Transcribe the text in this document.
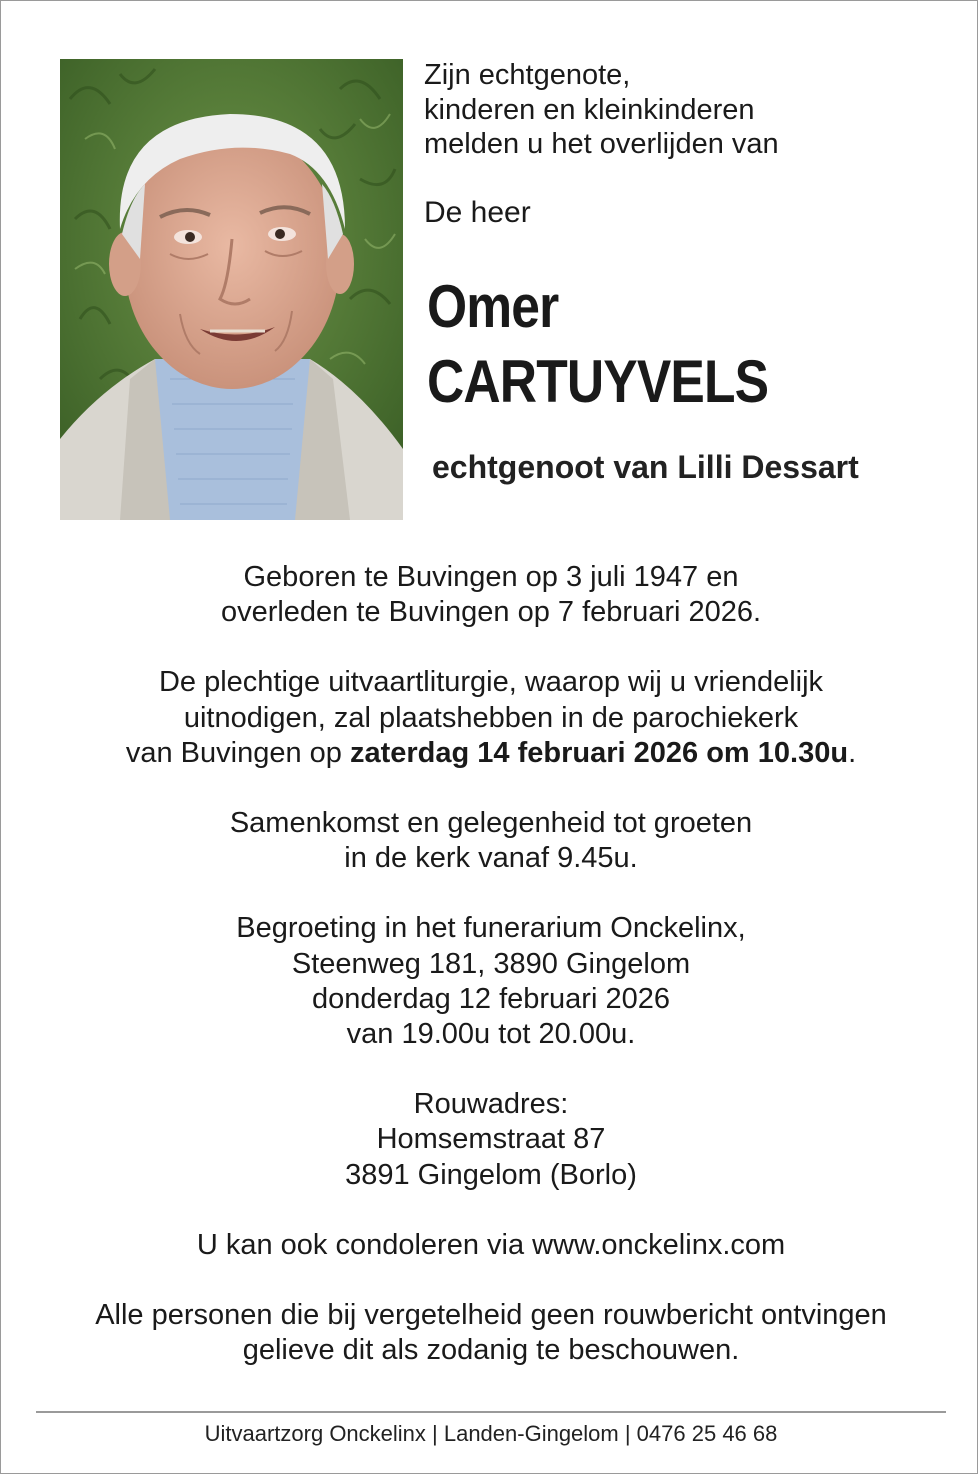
Zijn echtgenote,
kinderen en kleinkinderen
melden u het overlijden van

De heer

Omer
CARTUYVELS

echtgenoot van Lilli Dessart

Geboren te Buvingen op 3 juli 1947 en
overleden te Buvingen op 7 februari 2026.

De plechtige uitvaartliturgie, waarop wij u vriendelijk
uitnodigen, zal plaatshebben in de parochiekerk
van Buvingen op zaterdag 14 februari 2026 om 10.30u.

Samenkomst en gelegenheid tot groeten
in de kerk vanaf 9.45u.

Begroeting in het funerarium Onckelinx,
Steenweg 181, 3890 Gingelom
donderdag 12 februari 2026
van 19.00u tot 20.00u.

Rouwadres:
Homsemstraat 87
3891 Gingelom (Borlo)

U kan ook condoleren via www.onckelinx.com

Alle personen die bij vergetelheid geen rouwbericht ontvingen
gelieve dit als zodanig te beschouwen.

Uitvaartzorg Onckelinx | Landen-Gingelom | 0476 25 46 68
